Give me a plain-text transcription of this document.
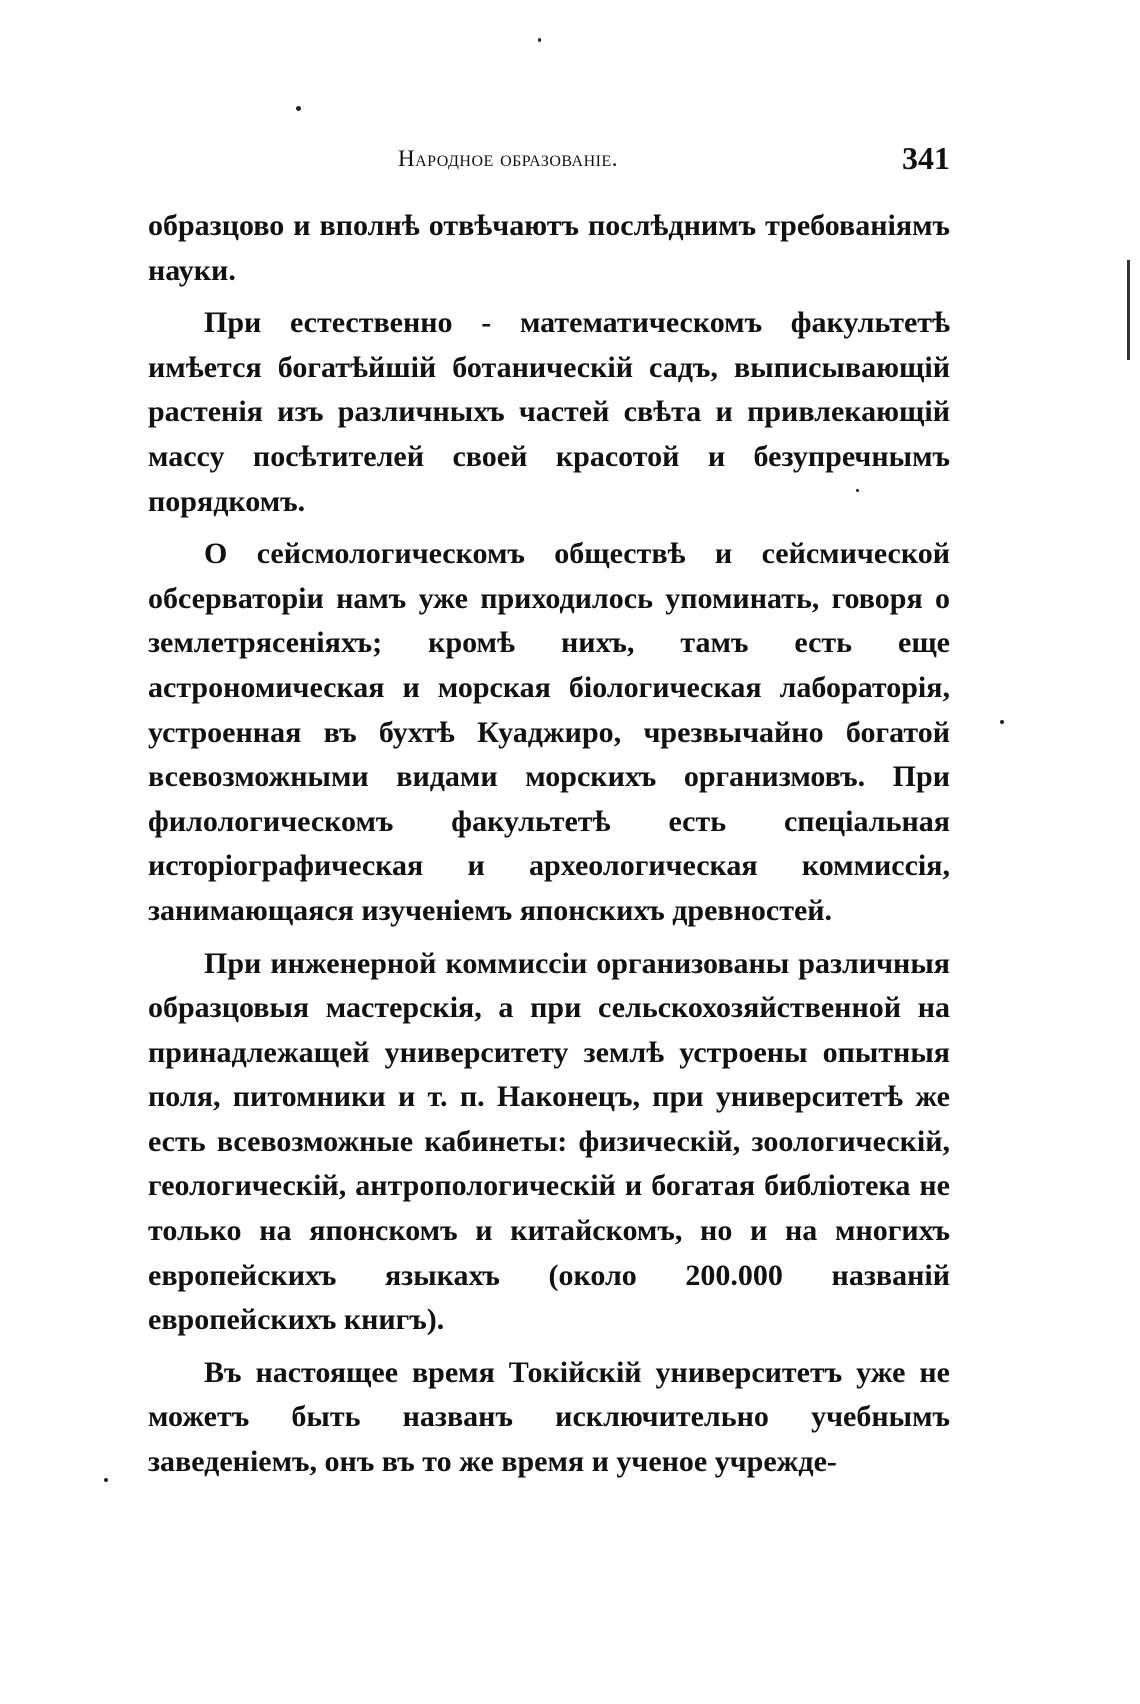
Народное образованіе.	341

образцово и вполнѣ отвѣчаютъ послѣднимъ требованіямъ науки.

При естественно - математическомъ факультетѣ имѣется богатѣйшій ботаническій садъ, выписывающій растенія изъ различныхъ частей свѣта и привлекающій массу посѣтителей своей красотой и безупречнымъ порядкомъ.

О сейсмологическомъ обществѣ и сейсмической обсерваторіи намъ уже приходилось упоминать, говоря о землетрясеніяхъ; кромѣ нихъ, тамъ есть еще астрономическая и морская біологическая лабораторія, устроенная въ бухтѣ Куаджиро, чрезвычайно богатой всевозможными видами морскихъ организмовъ. При филологическомъ факультетѣ есть спеціальная исторіографическая и археологическая коммиссія, занимающаяся изученіемъ японскихъ древностей.

При инженерной коммиссіи организованы различныя образцовыя мастерскія, а при сельскохозяйственной на принадлежащей университету землѣ устроены опытныя поля, питомники и т. п. Наконецъ, при университетѣ же есть всевозможные кабинеты: физическій, зоологическій, геологическій, антропологическій и богатая библіотека не только на японскомъ и китайскомъ, но и на многихъ европейскихъ языкахъ (около 200.000 названій европейскихъ книгъ).

Въ настоящее время Токійскій университетъ уже не можетъ быть названъ исключительно учебнымъ заведеніемъ, онъ въ то же время и ученое учрежде-
